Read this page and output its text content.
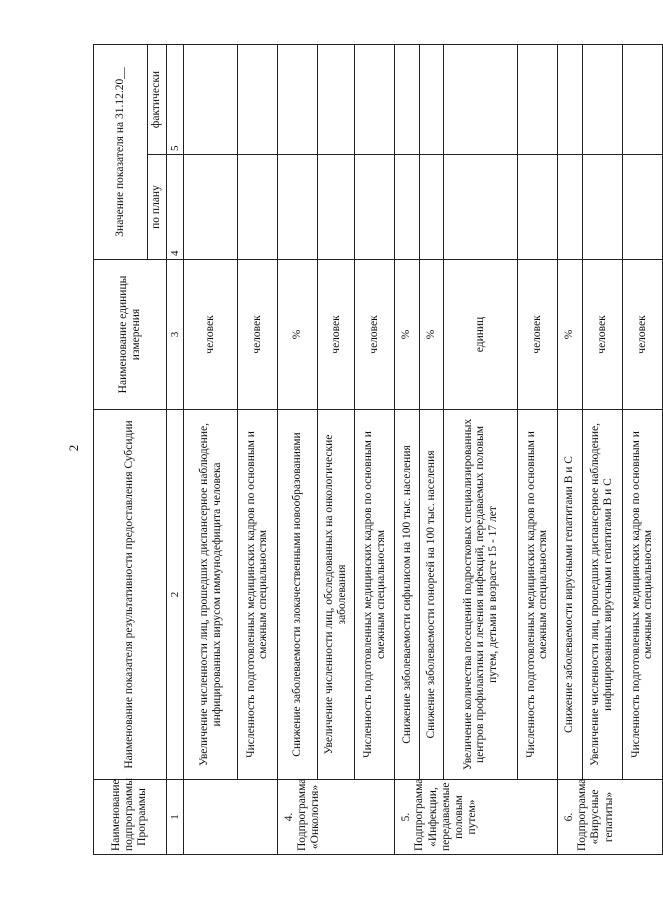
2
Наименование подпрограммы Программы	Наименование показателя результативности предоставления Субсидии	Наименование единицы измерения	Значение показателя на 31.12.20__	
			по плану	фактически
1	2	3	4	5
	Увеличение численности лиц, прошедших диспансерное наблюдение, инфицированных вирусом иммунодефицита человека	человек		
	Численность подготовленных медицинских кадров по основным и смежным специальностям	человек		
4. Подпрограмма «Онкология»	Снижение заболеваемости злокачественными новообразованиями	%		
	Увеличение численности лиц, обследованных на онкологические заболевания	человек		
	Численность подготовленных медицинских кадров по основным и смежным специальностям	человек		
5. Подпрограмма «Инфекции, передаваемые половым путем»	Снижение заболеваемости сифилисом на 100 тыс. населения	%		
	Снижение заболеваемости гонореей на 100 тыс. населения	%		
	Увеличение количества посещений подростковых специализированных центров профилактики и лечения инфекций, передаваемых половым путем, детьми в возрасте 15 - 17 лет	единиц		
	Численность подготовленных медицинских кадров по основным и смежным специальностям	человек		
6. Подпрограмма «Вирусные гепатиты»	Снижение заболеваемости вирусными гепатитами В и С	%		
	Увеличение численности лиц, прошедших диспансерное наблюдение, инфицированных вирусными гепатитами В и С	человек		
	Численность подготовленных медицинских кадров по основным и смежным специальностям	человек		
